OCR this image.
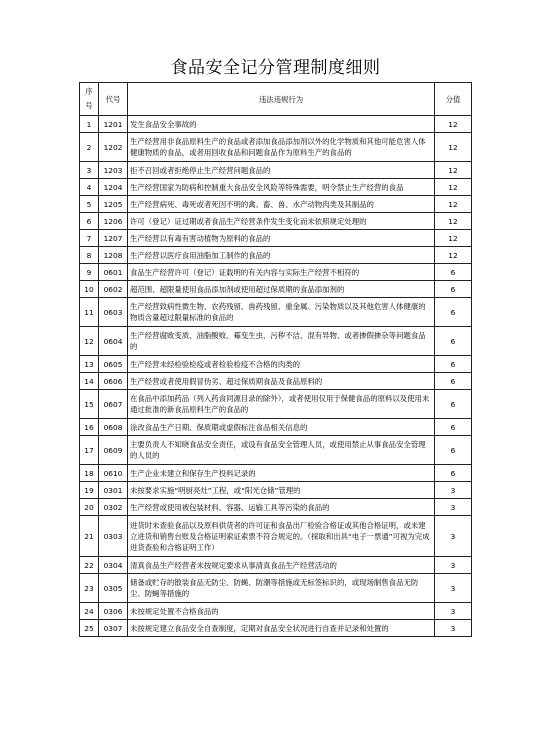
食品安全记分管理制度细则
序
号	代号	违法违规行为	分值
1	1201	发生食品安全事故的	12
2	1202	生产经营用非食品原料生产的食品或者添加食品添加剂以外的化学物质和其他可能危害人体健康物质的食品，或者用回收食品和问题食品作为原料生产的食品的	12
3	1203	拒不召回或者拒绝停止生产经营问题食品的	12
4	1204	生产经营国家为防病和控制重大食品安全风险等特殊需要，明令禁止生产经营的食品	12
5	1205	生产经营病死、毒死或者死因不明的禽、畜、兽、水产动物肉类及其制品的	12
6	1206	许可（登记）证过期或者食品生产经营条件发生变化而未依照规定处理的	12
7	1207	生产经营以有毒有害动植物为原料的食品的	12
8	1208	生产经营以医疗食用油脂加工制作的食品的	12
9	0601	食品生产经营许可（登记）证载明的有关内容与实际生产经营不相符的	6
10	0602	超范围、超限量使用食品添加剂或使用超过保质期的食品添加剂的	6
11	0603	生产经营致病性微生物、农药残留、兽药残留、重金属、污染物质以及其他危害人体健康的物质含量超过限量标准的食品的	6
12	0604	生产经营腐败变质、油脂酸败、霉变生虫、污秽不洁、混有异物、或者掺假掺杂等问题食品的	6
13	0605	生产经营未经检验检疫或者检验检疫不合格的肉类的	6
14	0606	生产经营或者使用假冒伪劣、超过保质期食品及食品原料的	6
15	0607	在食品中添加药品（列入药食同源目录的除外），或者使用仅用于保健食品的原料以及使用未通过批准的新食品原料生产的食品的	6
16	0608	涂改食品生产日期、保质期或虚假标注食品相关信息的	6
17	0609	主要负责人不知晓食品安全责任，或设有食品安全管理人员，或使用禁止从事食品安全管理的人员的	6
18	0610	生产企业未建立和保存生产投料记录的	6
19	0301	未按要求实施“明厨亮灶”工程，或“阳光仓储”管理的	3
20	0302	生产经营或使用被包装材料、容器、运输工具等污染的食品的	3
21	0303	进货时未查验食品以及原料供货者的许可证和食品出厂检验合格证或其他合格证明，或未建立进货和销售台账及合格证明索证索票不符合规定的。（採取和出具“电子一票通”可视为完成进货查验和合格证明工作）	3
22	0304	清真食品生产经营者未按规定要求从事清真食品生产经营活动的	3
23	0305	储备或贮存的散装食品无防尘、防蝇、防潮等措施或无标签标识的，或现场制售食品无防尘、防蝇等措施的	3
24	0306	未按规定处置不合格食品的	3
25	0307	未按规定建立食品安全自查制度，定期对食品安全状况进行自查并记录和处置的	3
